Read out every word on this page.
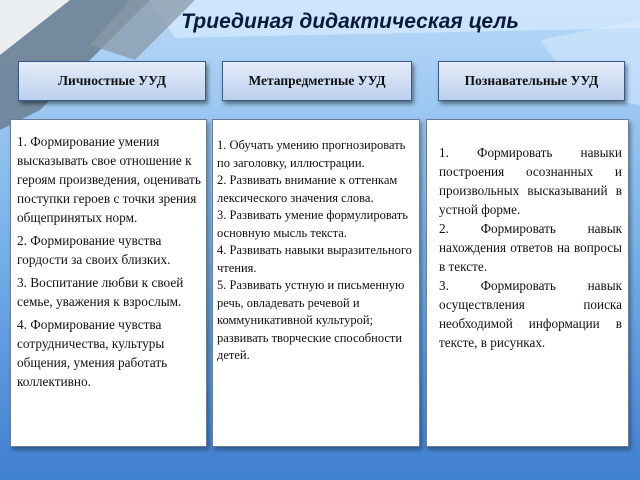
Триединая дидактическая цель
Личностные УУД	Метапредметные УУД	Познавательные УУД

1. Формирование умения высказывать свое отношение к героям произведения, оценивать поступки героев с точки зрения общепринятых норм.

2. Формирование чувства гордости за своих близких.

3. Воспитание любви к своей семье, уважения к взрослым.

4. Формирование чувства сотрудничества, культуры общения, умения работать коллективно.

1. Обучать умению прогнозировать по заголовку, иллюстрации.

2. Развивать внимание к оттенкам лексического значения слова.

3. Развивать умение формулировать основную мысль текста.

4. Развивать навыки выразительного чтения.

5. Развивать устную и письменную речь, овладевать речевой и коммуникативной культурой; развивать творческие способности детей.

1. Формировать навыки построения осознанных и произвольных высказываний в устной форме.

2. Формировать навык нахождения ответов на вопросы в тексте.

3. Формировать навык осуществления поиска необходимой информации в тексте, в рисунках.
